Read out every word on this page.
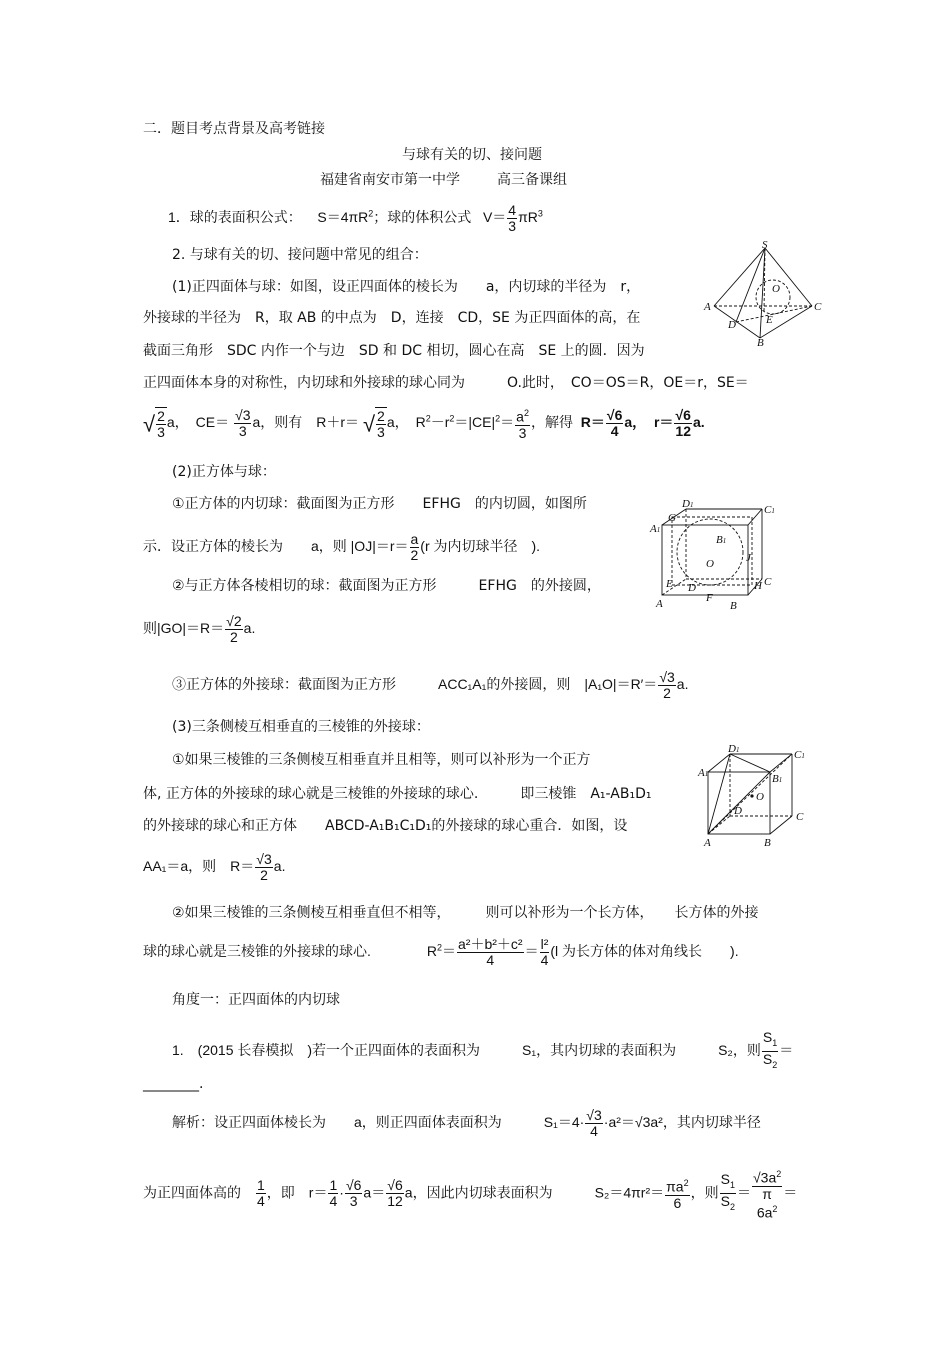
二．题目考点背景及高考链接
与球有关的切、接问题
福建省南安市第一中学	高三备课组
1．球的表面积公式： $S=4\pi R^2$；球的体积公式 $V= \frac{4}{3} \pi R^3$
2. 与球有关的切、接问题中常见的组合：
(1)正四面体与球：如图，设正四面体的棱长为　　a，内切球的半径为　r，
外接球的半径为　R，取 AB 的中点为　D，连接　CD，SE 为正四面体的高，在
截面三角形　SDC 内作一个与边　SD 和 DC 相切，圆心在高　SE 上的圆．因为
正四面体本身的对称性，内切球和外接球的球心同为　　　O.此时，　CO＝OS＝R，OE＝r，SE＝
√ $\frac{2}{3}$ a，　$CE= \frac{√3}{3}$ a，则有　R＋r＝ √ $\frac{2}{3}$ a，　$R^2-r^2=|CE|^2= \frac{a^2}{3}$ ，解得 $R= \frac{√6}{4}$ a， $r= \frac{√6}{12} a$.
(2)正方体与球：
①正方体的内切球：截面图为正方形　　EFHG　的内切圆，如图所
示．设正方体的棱长为　　a，则 $|OJ|=r= \frac{a}{2} (r$ 为内切球半径　).
②与正方体各棱相切的球：截面图为正方形　　　EFHG　的外接圆，
则$|GO|=R= \frac{√2}{2} a$.
③正方体的外接球：截面图为正方形　　　ACC₁A₁的外接圆，则　$|A_1O|=R'= \frac{√3}{2} a$.
(3)三条侧棱互相垂直的三棱锥的外接球：
①如果三棱锥的三条侧棱互相垂直并且相等，则可以补形为一个正方
体, 正方体的外接球的球心就是三棱锥的外接球的球心.　　　即三棱锥　A₁-AB₁D₁
的外接球的球心和正方体　　ABCD-A₁B₁C₁D₁的外接球的球心重合．如图，设
AA₁＝a，则　$R= \frac{√3}{2} a$.
②如果三棱锥的三条侧棱互相垂直但不相等，　　　则可以补形为一个长方体，　　长方体的外接
球的球心就是三棱锥的外接球的球心.　　　　$R^2= \frac{\text{a²＋b²＋c²}}{4} = \frac{\text{l²}}{4} (l$ 为长方体的体对角线长　　).
角度一：正四面体的内切球
1.　(2015 长春模拟　)若一个正四面体的表面积为　　　S₁，其内切球的表面积为　　　S₂，则 $\frac{S_1}{S_2}$ ＝
________.
解析：设正四面体棱长为　　a，则正四面体表面积为　　　$S_1=4\cdot \frac{√3}{4} \cdot a^2=√3a^2$，其内切球半径
为正四面体高的　 $\frac{1}{4}$ ，即　$r= \frac{1}{4} \cdot \frac{√6}{3} a= \frac{√6}{12}$ a，因此内切球表面积为　　　$S_2=4\pi r^2= \frac{\pi a^2}{6}$ ，则 $\frac{S_1}{S_2}$ ＝
$√3a^2$
π
$6a^2$
＝
S
A
B
C
D	E
O
D1	C1
G
A1
B1
O	J
E	H
D	C
A	F
B
D1	C1
A1	B1
O
D	C
A	B
